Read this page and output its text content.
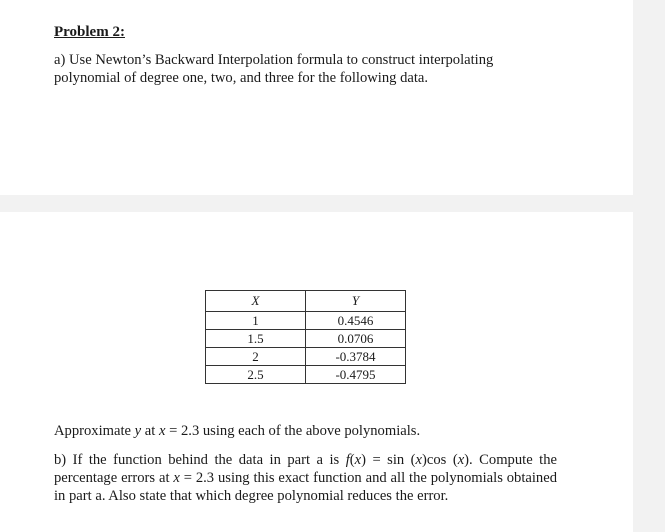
Problem 2:
a) Use Newton’s Backward Interpolation formula to construct interpolating
polynomial of degree one, two, and three for the following data.
X	Y
1	0.4546
1.5	0.0706
2	-0.3784
2.5	-0.4795
Approximate y at x = 2.3 using each of the above polynomials.
b) If the function behind the data in part a is f(x) = sin (x)cos (x). Compute the percentage errors at x = 2.3 using this exact function and all the polynomials obtained in part a. Also state that which degree polynomial reduces the error.
